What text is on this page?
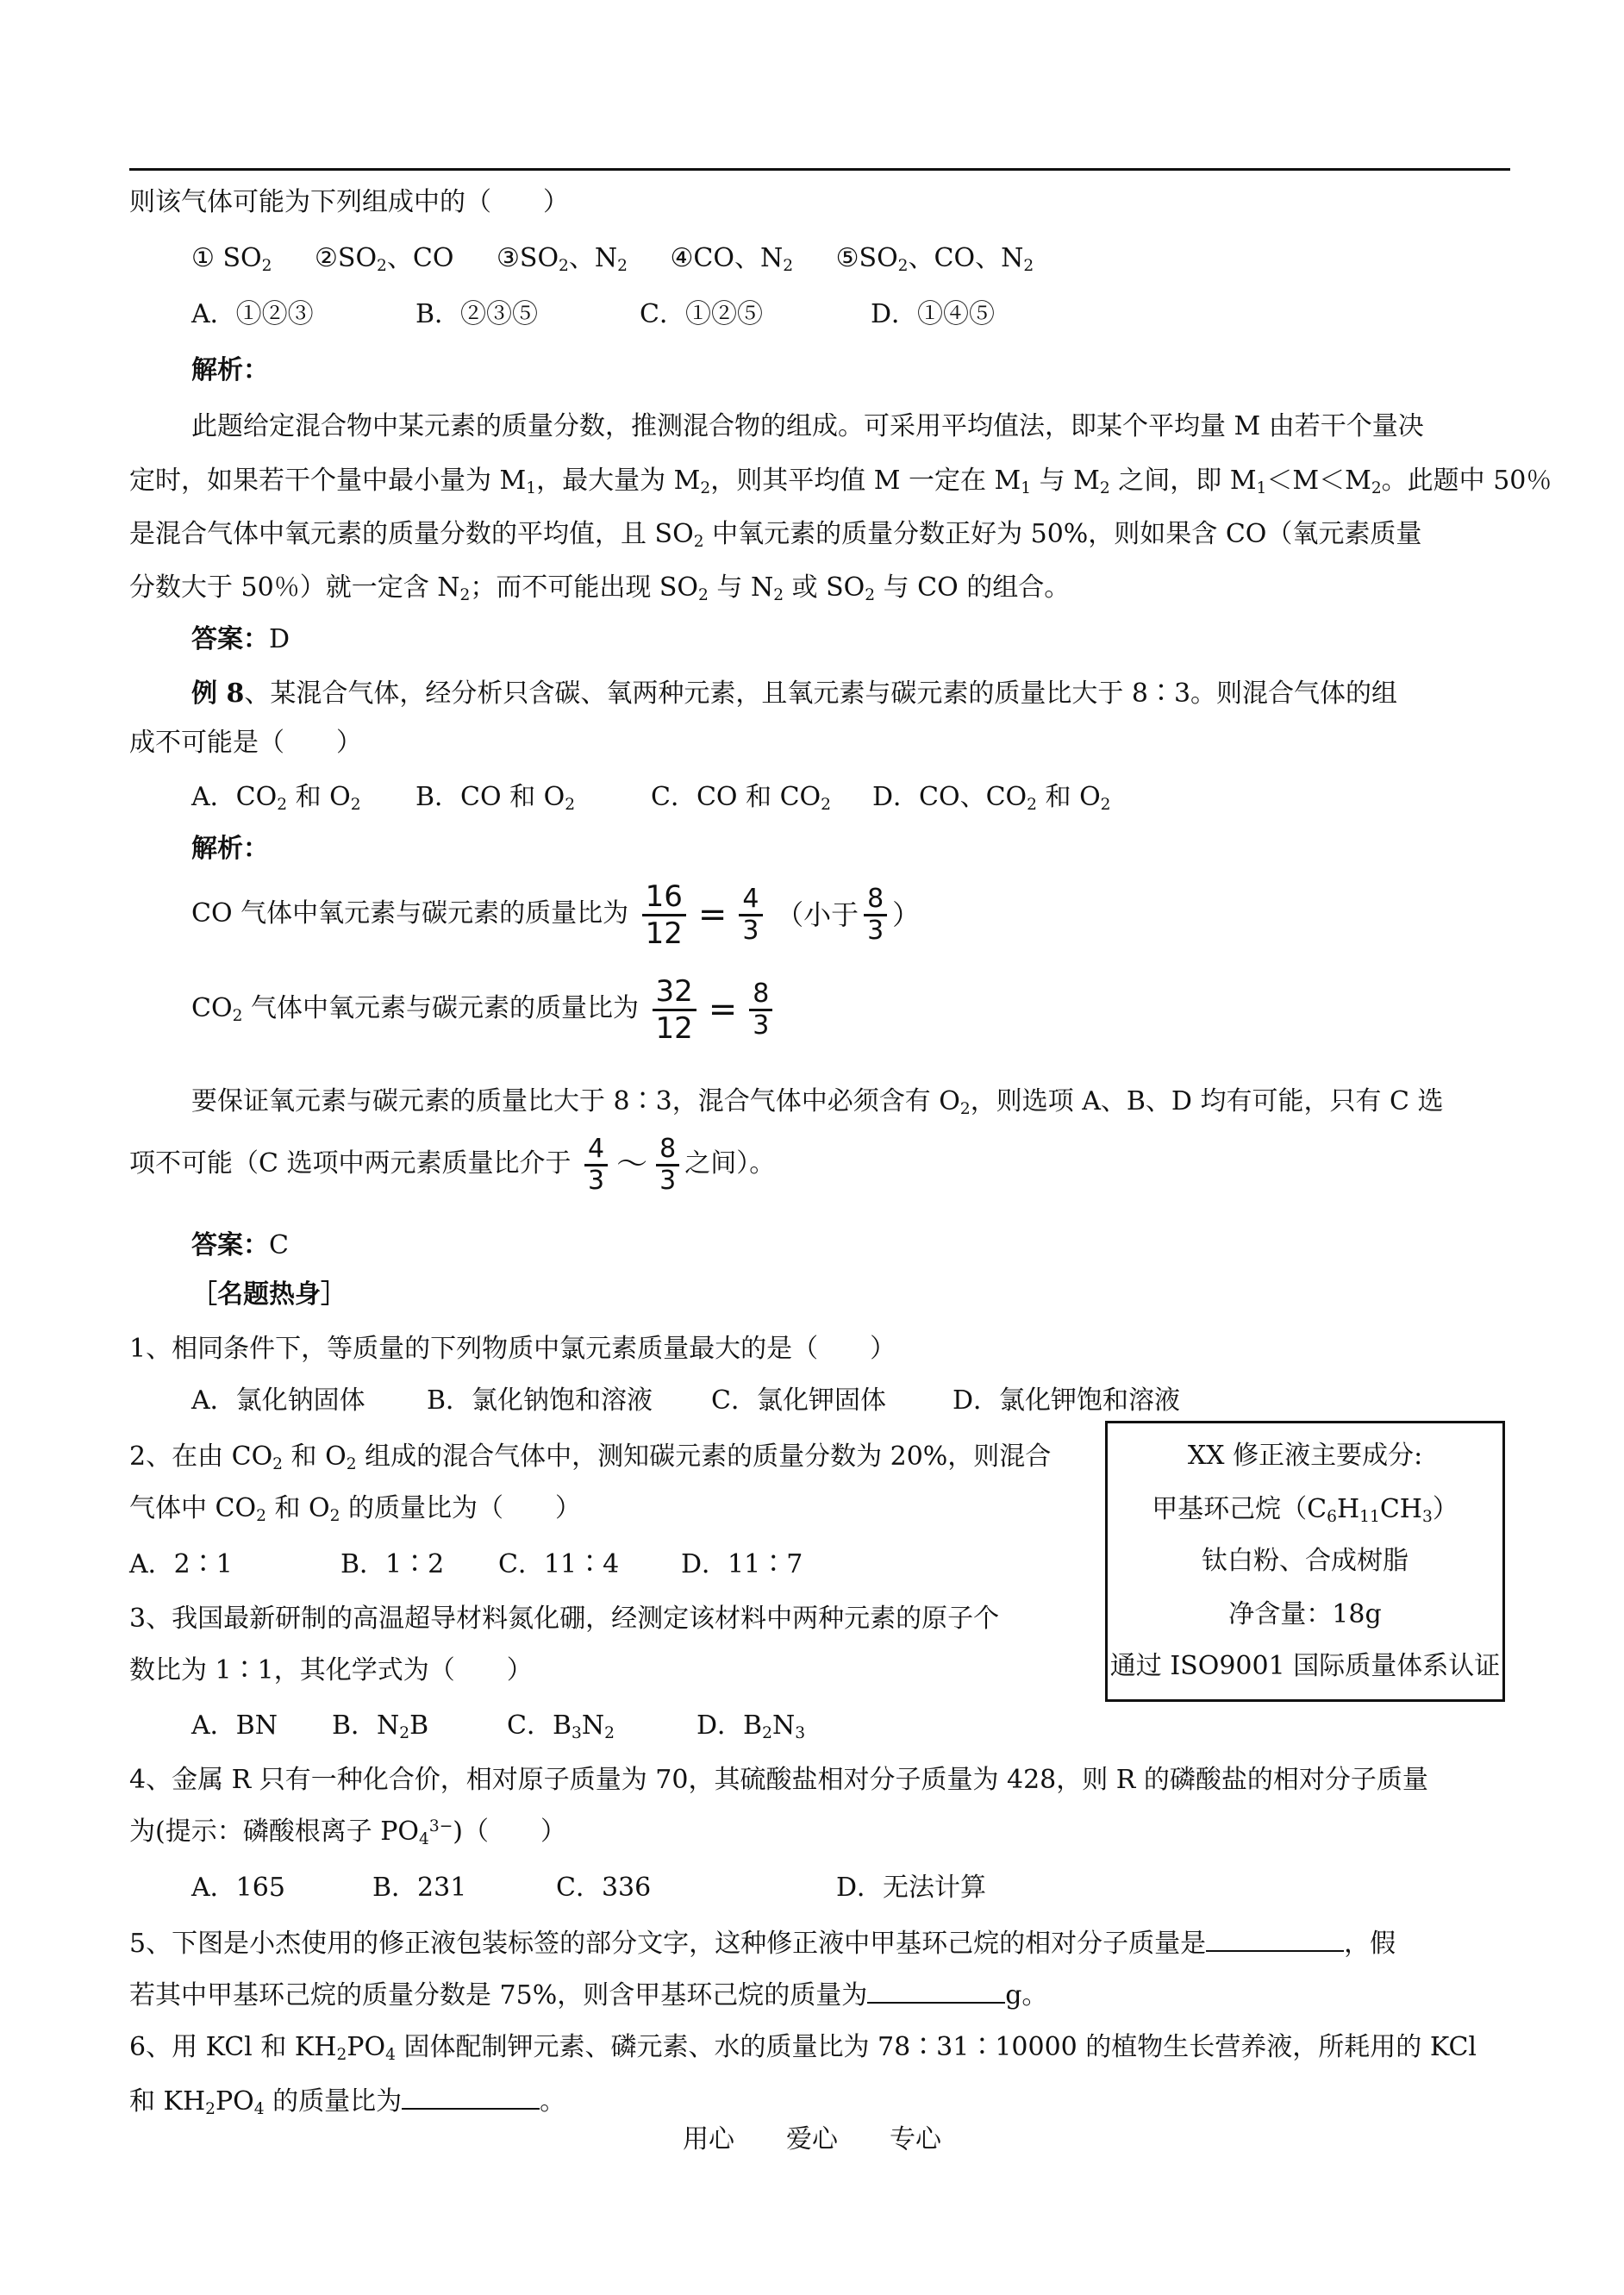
则该气体可能为下列组成中的（　　）
① $SO_2$ $②SO_2$、CO $③SO_2$、$N_2$ ④CO、$N_2$ $⑤SO_2$、CO、$N_2$
A．①②③	B．②③⑤	C．①②⑤	D．①④⑤
解析：
此题给定混合物中某元素的质量分数，推测混合物的组成。可采用平均值法，即某个平均量 M 由若干个量决
定时，如果若干个量中最小量为 $M_1$，最大量为 $M_2$，则其平均值 M 一定在 $M_1$ 与 $M_2$ 之间，即 $M_1<M<M_2$。此题中 50％
是混合气体中氧元素的质量分数的平均值，且 $SO_2$ 中氧元素的质量分数正好为 50%，则如果含 CO（氧元素质量
分数大于 50％）就一定含 $N_2$；而不可能出现 $SO_2$ 与 $N_2$ 或 $SO_2$ 与 CO 的组合。
答案：D
例 8、某混合气体，经分析只含碳、氧两种元素，且氧元素与碳元素的质量比大于 8∶3。则混合气体的组
成不可能是（　　）
A．$CO_2$ 和 $O_2$ B．CO 和 $O_2$	C．CO 和 $CO_2$ D．CO、$CO_2$ 和 $O_2$
解析：
CO 气体中氧元素与碳元素的质量比为 $\frac{16}{12} = \frac{4}{3}$ （小于 $\frac{8}{3}$ ）
$CO_2$ 气体中氧元素与碳元素的质量比为 $\frac{32}{12} = \frac{8}{3}$
要保证氧元素与碳元素的质量比大于 8∶3，混合气体中必须含有 $O_2$，则选项 A、B、D 均有可能，只有 C 选
项不可能（C 选项中两元素质量比介于 $\frac{4}{3}$ ～ $\frac{8}{3}$ 之间）。
答案：C
［名题热身］
1、相同条件下，等质量的下列物质中氯元素质量最大的是（　　）
A．氯化钠固体 B．氯化钠饱和溶液 C．氯化钾固体	D．氯化钾饱和溶液
2、在由 $CO_2$ 和 $O_2$ 组成的混合气体中，测知碳元素的质量分数为 20%，则混合
气体中 $CO_2$ 和 $O_2$ 的质量比为（　　）
A．2∶1	B．1∶2 C．11∶4 D．11∶7
3、我国最新研制的高温超导材料氮化硼，经测定该材料中两种元素的原子个
数比为 1∶1，其化学式为（　　）
A．BN B．$N_2B$	C．$B_3N_2$	D．$B_2N_3$
4、金属 R 只有一种化合价，相对原子质量为 70，其硫酸盐相对分子质量为 428，则 R 的磷酸盐的相对分子质量
为(提示：磷酸根离子 $PO_4^{3-}$)（　　）
A．165	B．231	C．336	D．无法计算
5、下图是小杰使用的修正液包装标签的部分文字，这种修正液中甲基环己烷的相对分子质量是	，假
若其中甲基环己烷的质量分数是 75%，则含甲基环己烷的质量为	g。
6、用 KCl 和 $KH_2PO_4$ 固体配制钾元素、磷元素、水的质量比为 78∶31∶10000 的植物生长营养液，所耗用的 KCl
和 $KH_2PO_4$ 的质量比为	。
XX 修正液主要成分:
甲基环己烷$(C_6H_{11}CH_3)$
钛白粉、合成树脂
净含量：18g
通过 ISO9001 国际质量体系认证
用心 爱心 专心
